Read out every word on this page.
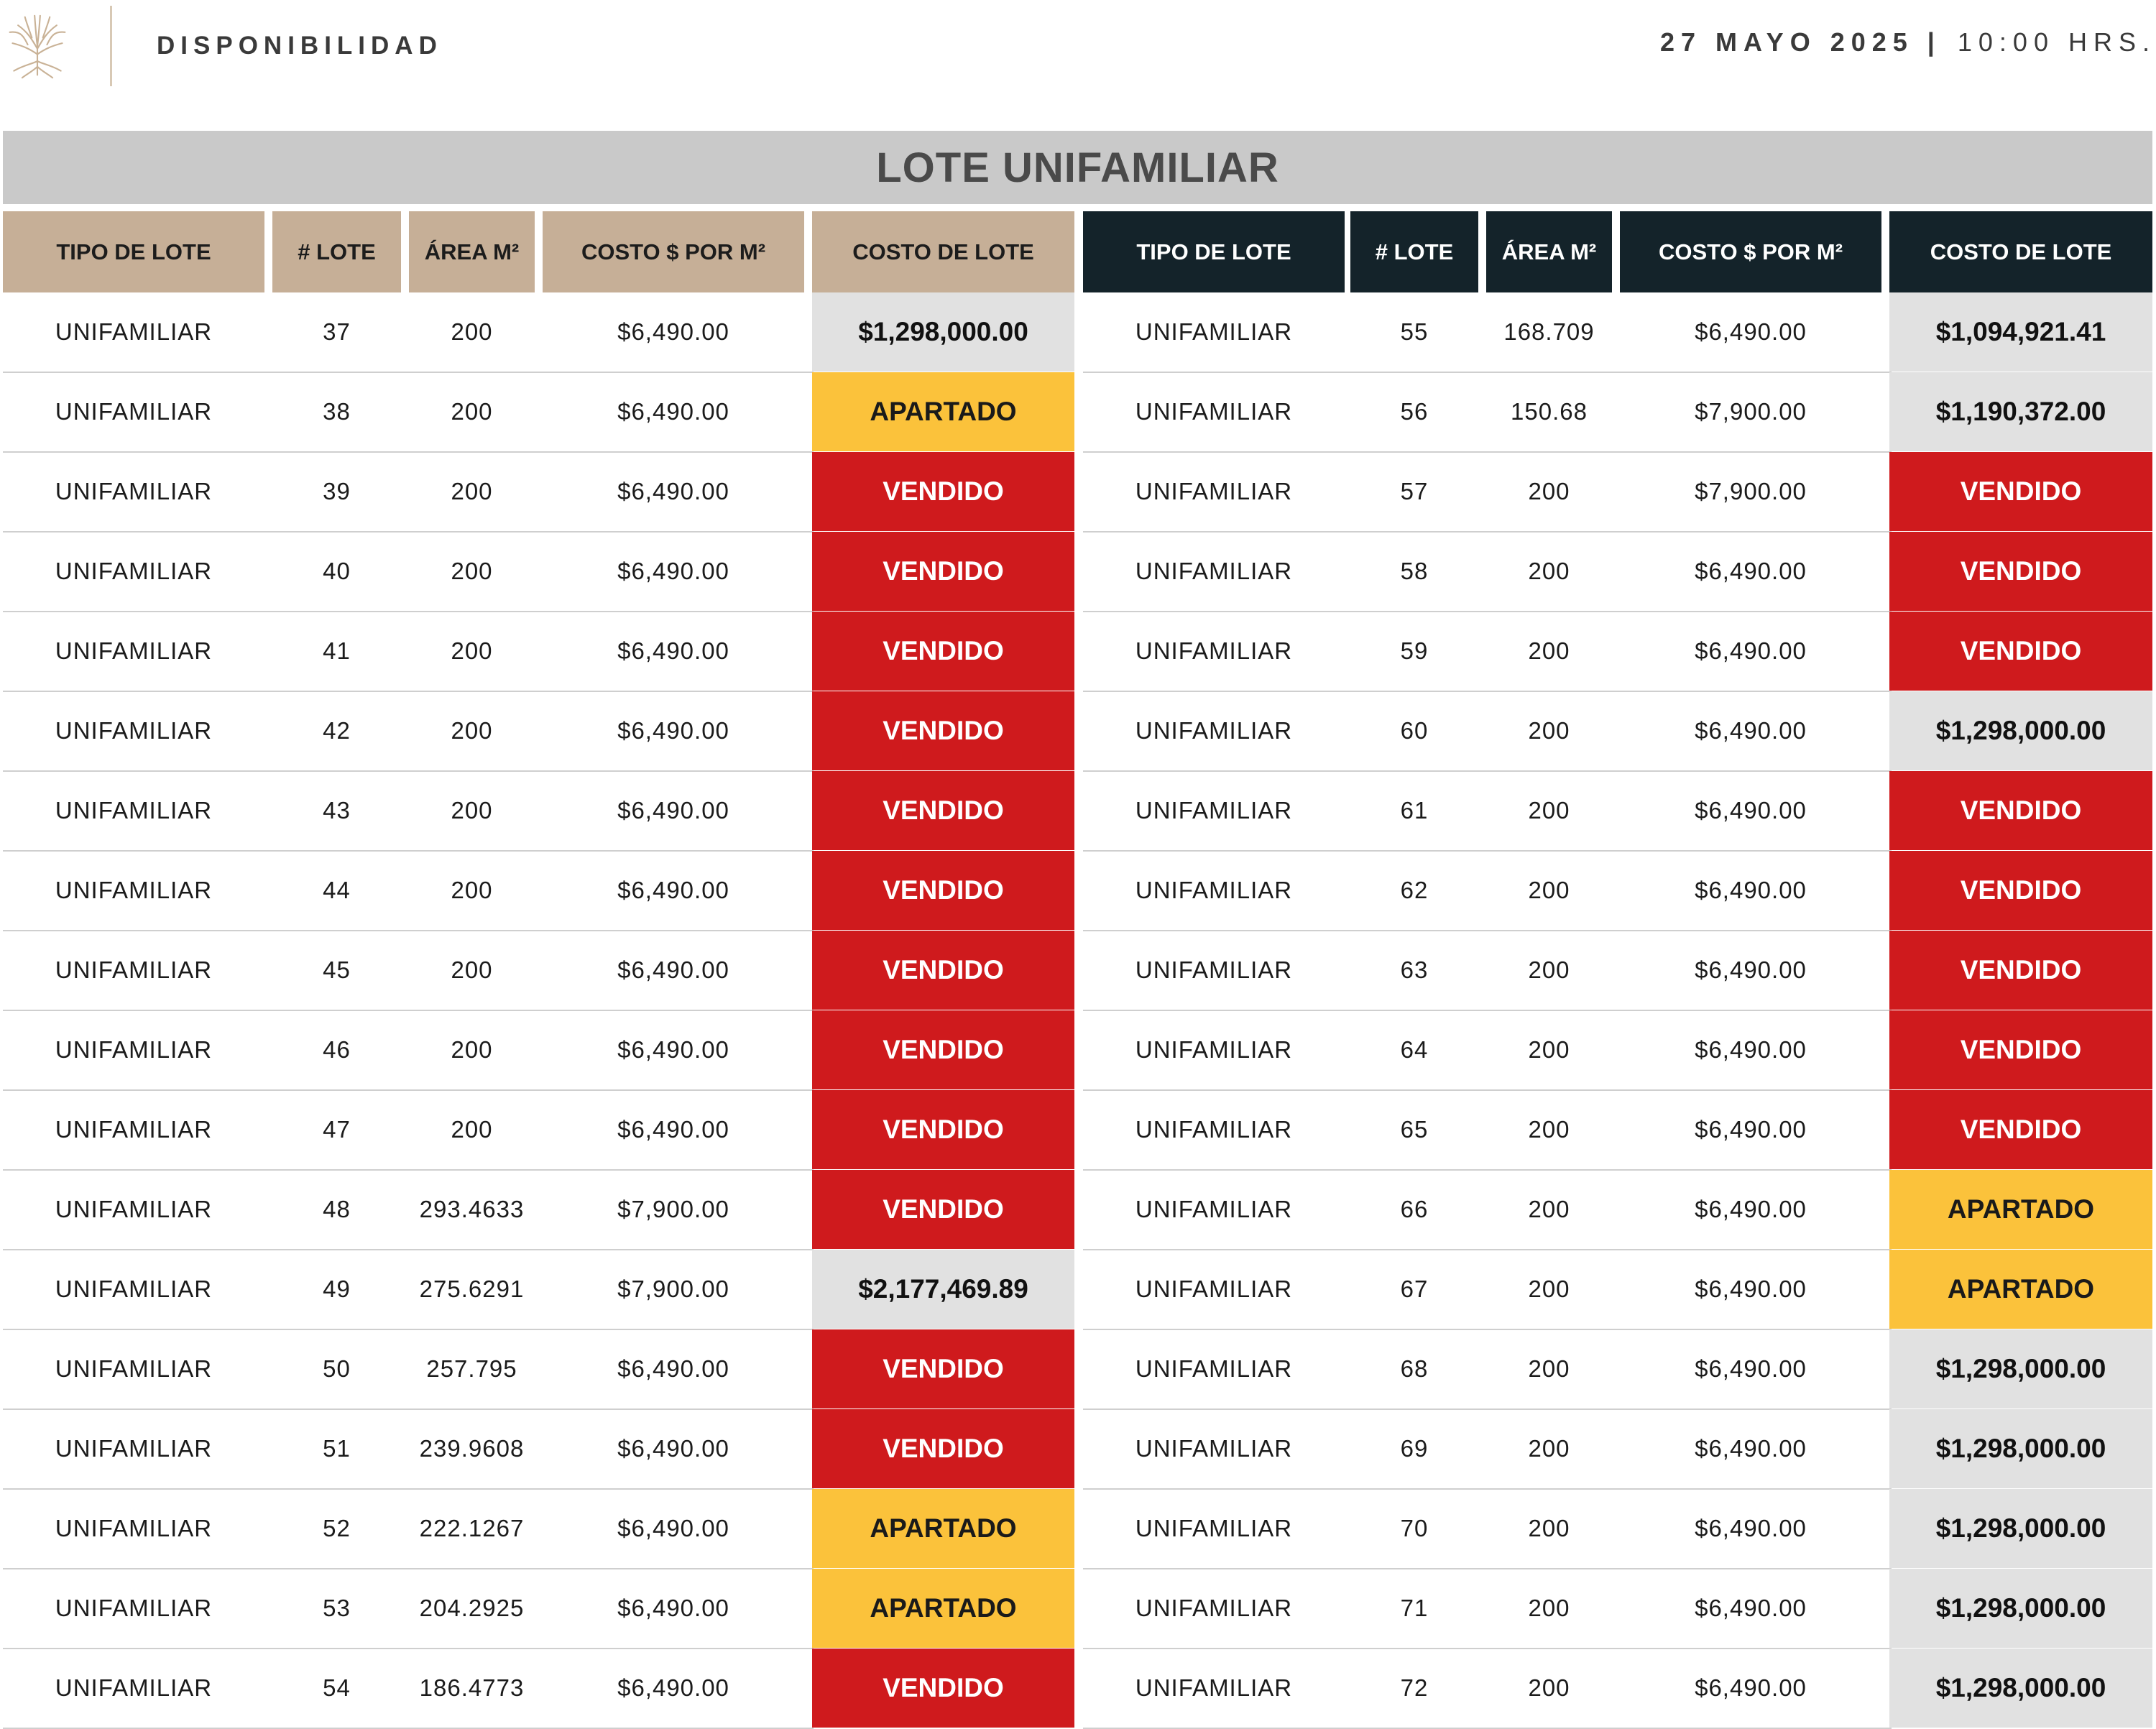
DISPONIBILIDAD	27 MAYO 2025 | 10:00 HRS.
LOTE UNIFAMILIAR
TIPO DE LOTE	# LOTE	ÁREA M²	COSTO $ POR M²	COSTO DE LOTE	TIPO DE LOTE	# LOTE	ÁREA M²	COSTO $ POR M²	COSTO DE LOTE
UNIFAMILIAR	37	200	$6,490.00	$1,298,000.00	UNIFAMILIAR	55	168.709	$6,490.00	$1,094,921.41
UNIFAMILIAR	38	200	$6,490.00	APARTADO	UNIFAMILIAR	56	150.68	$7,900.00	$1,190,372.00
UNIFAMILIAR	39	200	$6,490.00	VENDIDO	UNIFAMILIAR	57	200	$7,900.00	VENDIDO
UNIFAMILIAR	40	200	$6,490.00	VENDIDO	UNIFAMILIAR	58	200	$6,490.00	VENDIDO
UNIFAMILIAR	41	200	$6,490.00	VENDIDO	UNIFAMILIAR	59	200	$6,490.00	VENDIDO
UNIFAMILIAR	42	200	$6,490.00	VENDIDO	UNIFAMILIAR	60	200	$6,490.00	$1,298,000.00
UNIFAMILIAR	43	200	$6,490.00	VENDIDO	UNIFAMILIAR	61	200	$6,490.00	VENDIDO
UNIFAMILIAR	44	200	$6,490.00	VENDIDO	UNIFAMILIAR	62	200	$6,490.00	VENDIDO
UNIFAMILIAR	45	200	$6,490.00	VENDIDO	UNIFAMILIAR	63	200	$6,490.00	VENDIDO
UNIFAMILIAR	46	200	$6,490.00	VENDIDO	UNIFAMILIAR	64	200	$6,490.00	VENDIDO
UNIFAMILIAR	47	200	$6,490.00	VENDIDO	UNIFAMILIAR	65	200	$6,490.00	VENDIDO
UNIFAMILIAR	48	293.4633	$7,900.00	VENDIDO	UNIFAMILIAR	66	200	$6,490.00	APARTADO
UNIFAMILIAR	49	275.6291	$7,900.00	$2,177,469.89	UNIFAMILIAR	67	200	$6,490.00	APARTADO
UNIFAMILIAR	50	257.795	$6,490.00	VENDIDO	UNIFAMILIAR	68	200	$6,490.00	$1,298,000.00
UNIFAMILIAR	51	239.9608	$6,490.00	VENDIDO	UNIFAMILIAR	69	200	$6,490.00	$1,298,000.00
UNIFAMILIAR	52	222.1267	$6,490.00	APARTADO	UNIFAMILIAR	70	200	$6,490.00	$1,298,000.00
UNIFAMILIAR	53	204.2925	$6,490.00	APARTADO	UNIFAMILIAR	71	200	$6,490.00	$1,298,000.00
UNIFAMILIAR	54	186.4773	$6,490.00	VENDIDO	UNIFAMILIAR	72	200	$6,490.00	$1,298,000.00
